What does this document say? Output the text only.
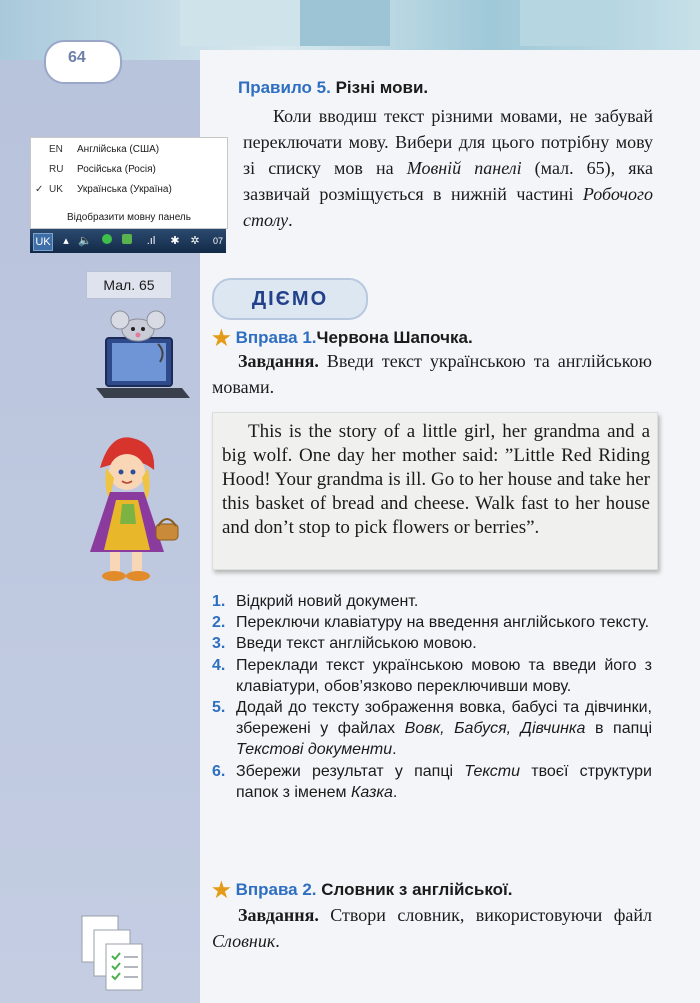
64
Правило 5. Різні мови.
Коли вводиш текст різними мовами, не забувай переключати мову. Вибери для цього потрібну мову зі списку мов на Мовній панелі (мал. 65), яка зазвичай розміщується в нижній частині Робочого столу.
EN Англійська (США)
RU Російська (Росія)
✓ UK Українська (Україна)
Відобразити мовну панель
UK ▴ 🔈	.ıl	✱ ✲ 07
Мал. 65
ДІЄМО
★ Вправа 1.Червона Шапочка.
Завдання. Введи текст українською та англійською мовами.
This is the story of a little girl, her grandma and a big wolf. One day her mother said: ”Little Red Riding Hood! Your grandma is ill. Go to her house and take her this basket of bread and cheese. Walk fast to her house and don’t stop to pick flowers or berries”.
1. Відкрий новий документ.
2. Переключи клавіатуру на введення англійського тексту.
3. Введи текст англійською мовою.
4. Переклади текст українською мовою та введи його з клавіатури, обов’язково переключивши мову.
5. Додай до тексту зображення вовка, бабусі та дівчинки, збережені у файлах Вовк, Бабуся, Дівчинка в папці Текстові документи.
6. Збережи результат у папці Тексти твоєї структури папок з іменем Казка.
★ Вправа 2. Словник з англійської.
Завдання. Створи словник, використовуючи файл Словник.
